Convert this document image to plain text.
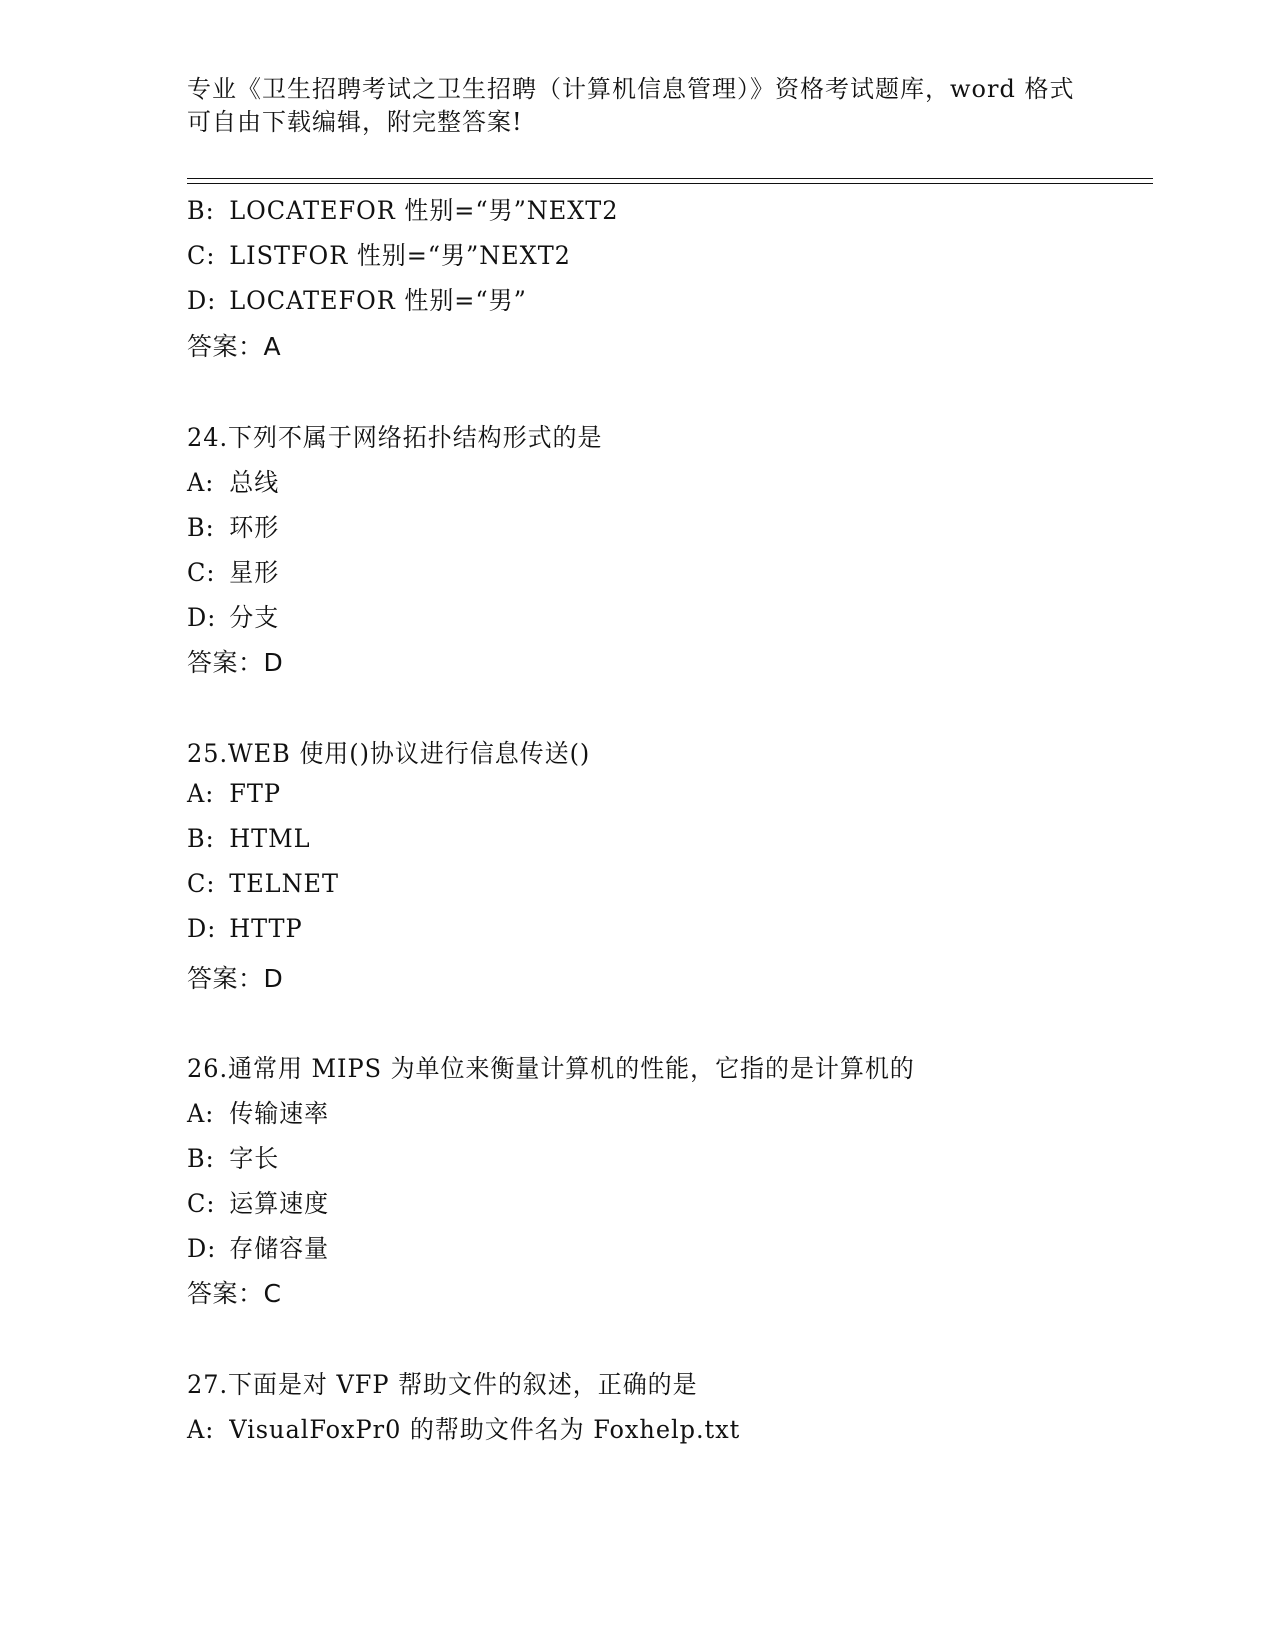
专业《卫生招聘考试之卫生招聘（计算机信息管理）》资格考试题库，word 格式
可自由下载编辑，附完整答案!
B: LOCATEFOR 性别=“男”NEXT2
C: LISTFOR 性别=“男”NEXT2
D: LOCATEFOR 性别=“男”
答案：A
24.下列不属于网络拓扑结构形式的是
A: 总线
B: 环形
C: 星形
D: 分支
答案：D
25.WEB 使用()协议进行信息传送()
A: FTP
B: HTML
C: TELNET
D: HTTP
答案：D
26.通常用 MIPS 为单位来衡量计算机的性能，它指的是计算机的
A: 传输速率
B: 字长
C: 运算速度
D: 存储容量
答案：C
27.下面是对 VFP 帮助文件的叙述，正确的是
A: VisualFoxPr0 的帮助文件名为 Foxhelp.txt
